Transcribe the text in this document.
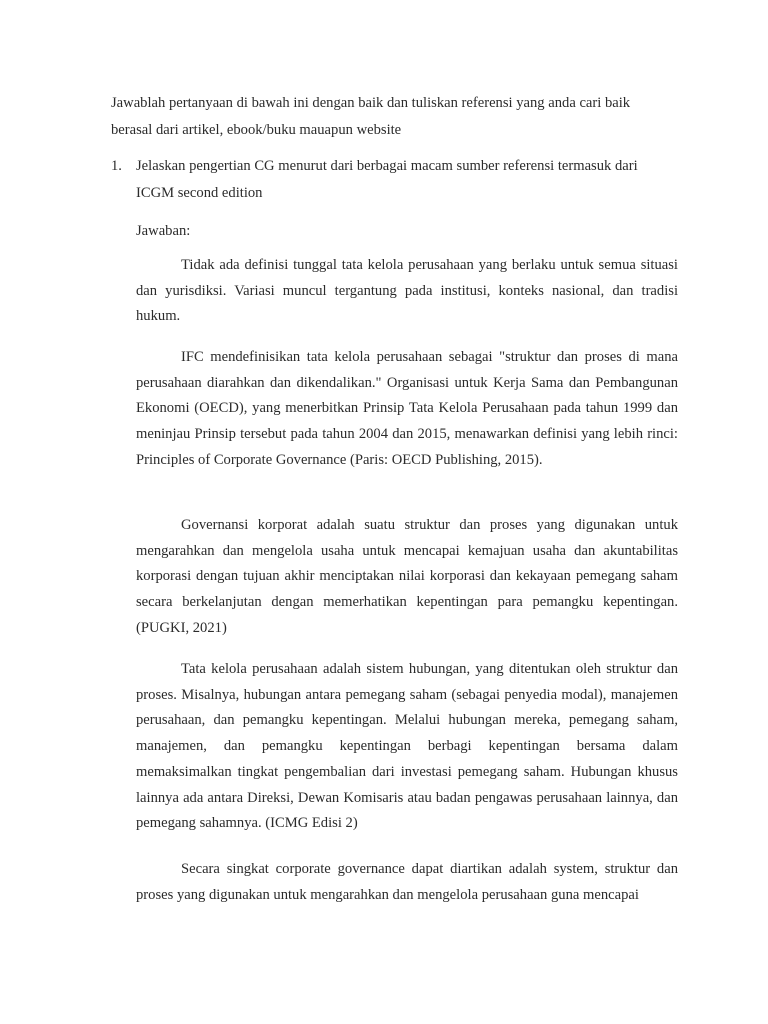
Jawablah pertanyaan di bawah ini dengan baik dan tuliskan referensi yang anda cari baik berasal dari artikel, ebook/buku mauapun website

1. Jelaskan pengertian CG menurut dari berbagai macam sumber referensi termasuk dari ICGM second edition

Jawaban:

Tidak ada definisi tunggal tata kelola perusahaan yang berlaku untuk semua situasi dan yurisdiksi. Variasi muncul tergantung pada institusi, konteks nasional, dan tradisi hukum.

IFC mendefinisikan tata kelola perusahaan sebagai "struktur dan proses di mana perusahaan diarahkan dan dikendalikan." Organisasi untuk Kerja Sama dan Pembangunan Ekonomi (OECD), yang menerbitkan Prinsip Tata Kelola Perusahaan pada tahun 1999 dan meninjau Prinsip tersebut pada tahun 2004 dan 2015, menawarkan definisi yang lebih rinci: Principles of Corporate Governance (Paris: OECD Publishing, 2015).

Governansi korporat adalah suatu struktur dan proses yang digunakan untuk mengarahkan dan mengelola usaha untuk mencapai kemajuan usaha dan akuntabilitas korporasi dengan tujuan akhir menciptakan nilai korporasi dan kekayaan pemegang saham secara berkelanjutan dengan memerhatikan kepentingan para pemangku kepentingan. (PUGKI, 2021)

Tata kelola perusahaan adalah sistem hubungan, yang ditentukan oleh struktur dan proses. Misalnya, hubungan antara pemegang saham (sebagai penyedia modal), manajemen perusahaan, dan pemangku kepentingan. Melalui hubungan mereka, pemegang saham, manajemen, dan pemangku kepentingan berbagi kepentingan bersama dalam memaksimalkan tingkat pengembalian dari investasi pemegang saham. Hubungan khusus lainnya ada antara Direksi, Dewan Komisaris atau badan pengawas perusahaan lainnya, dan pemegang sahamnya. (ICMG Edisi 2)

Secara singkat corporate governance dapat diartikan adalah system, struktur dan proses yang digunakan untuk mengarahkan dan mengelola perusahaan guna mencapai
